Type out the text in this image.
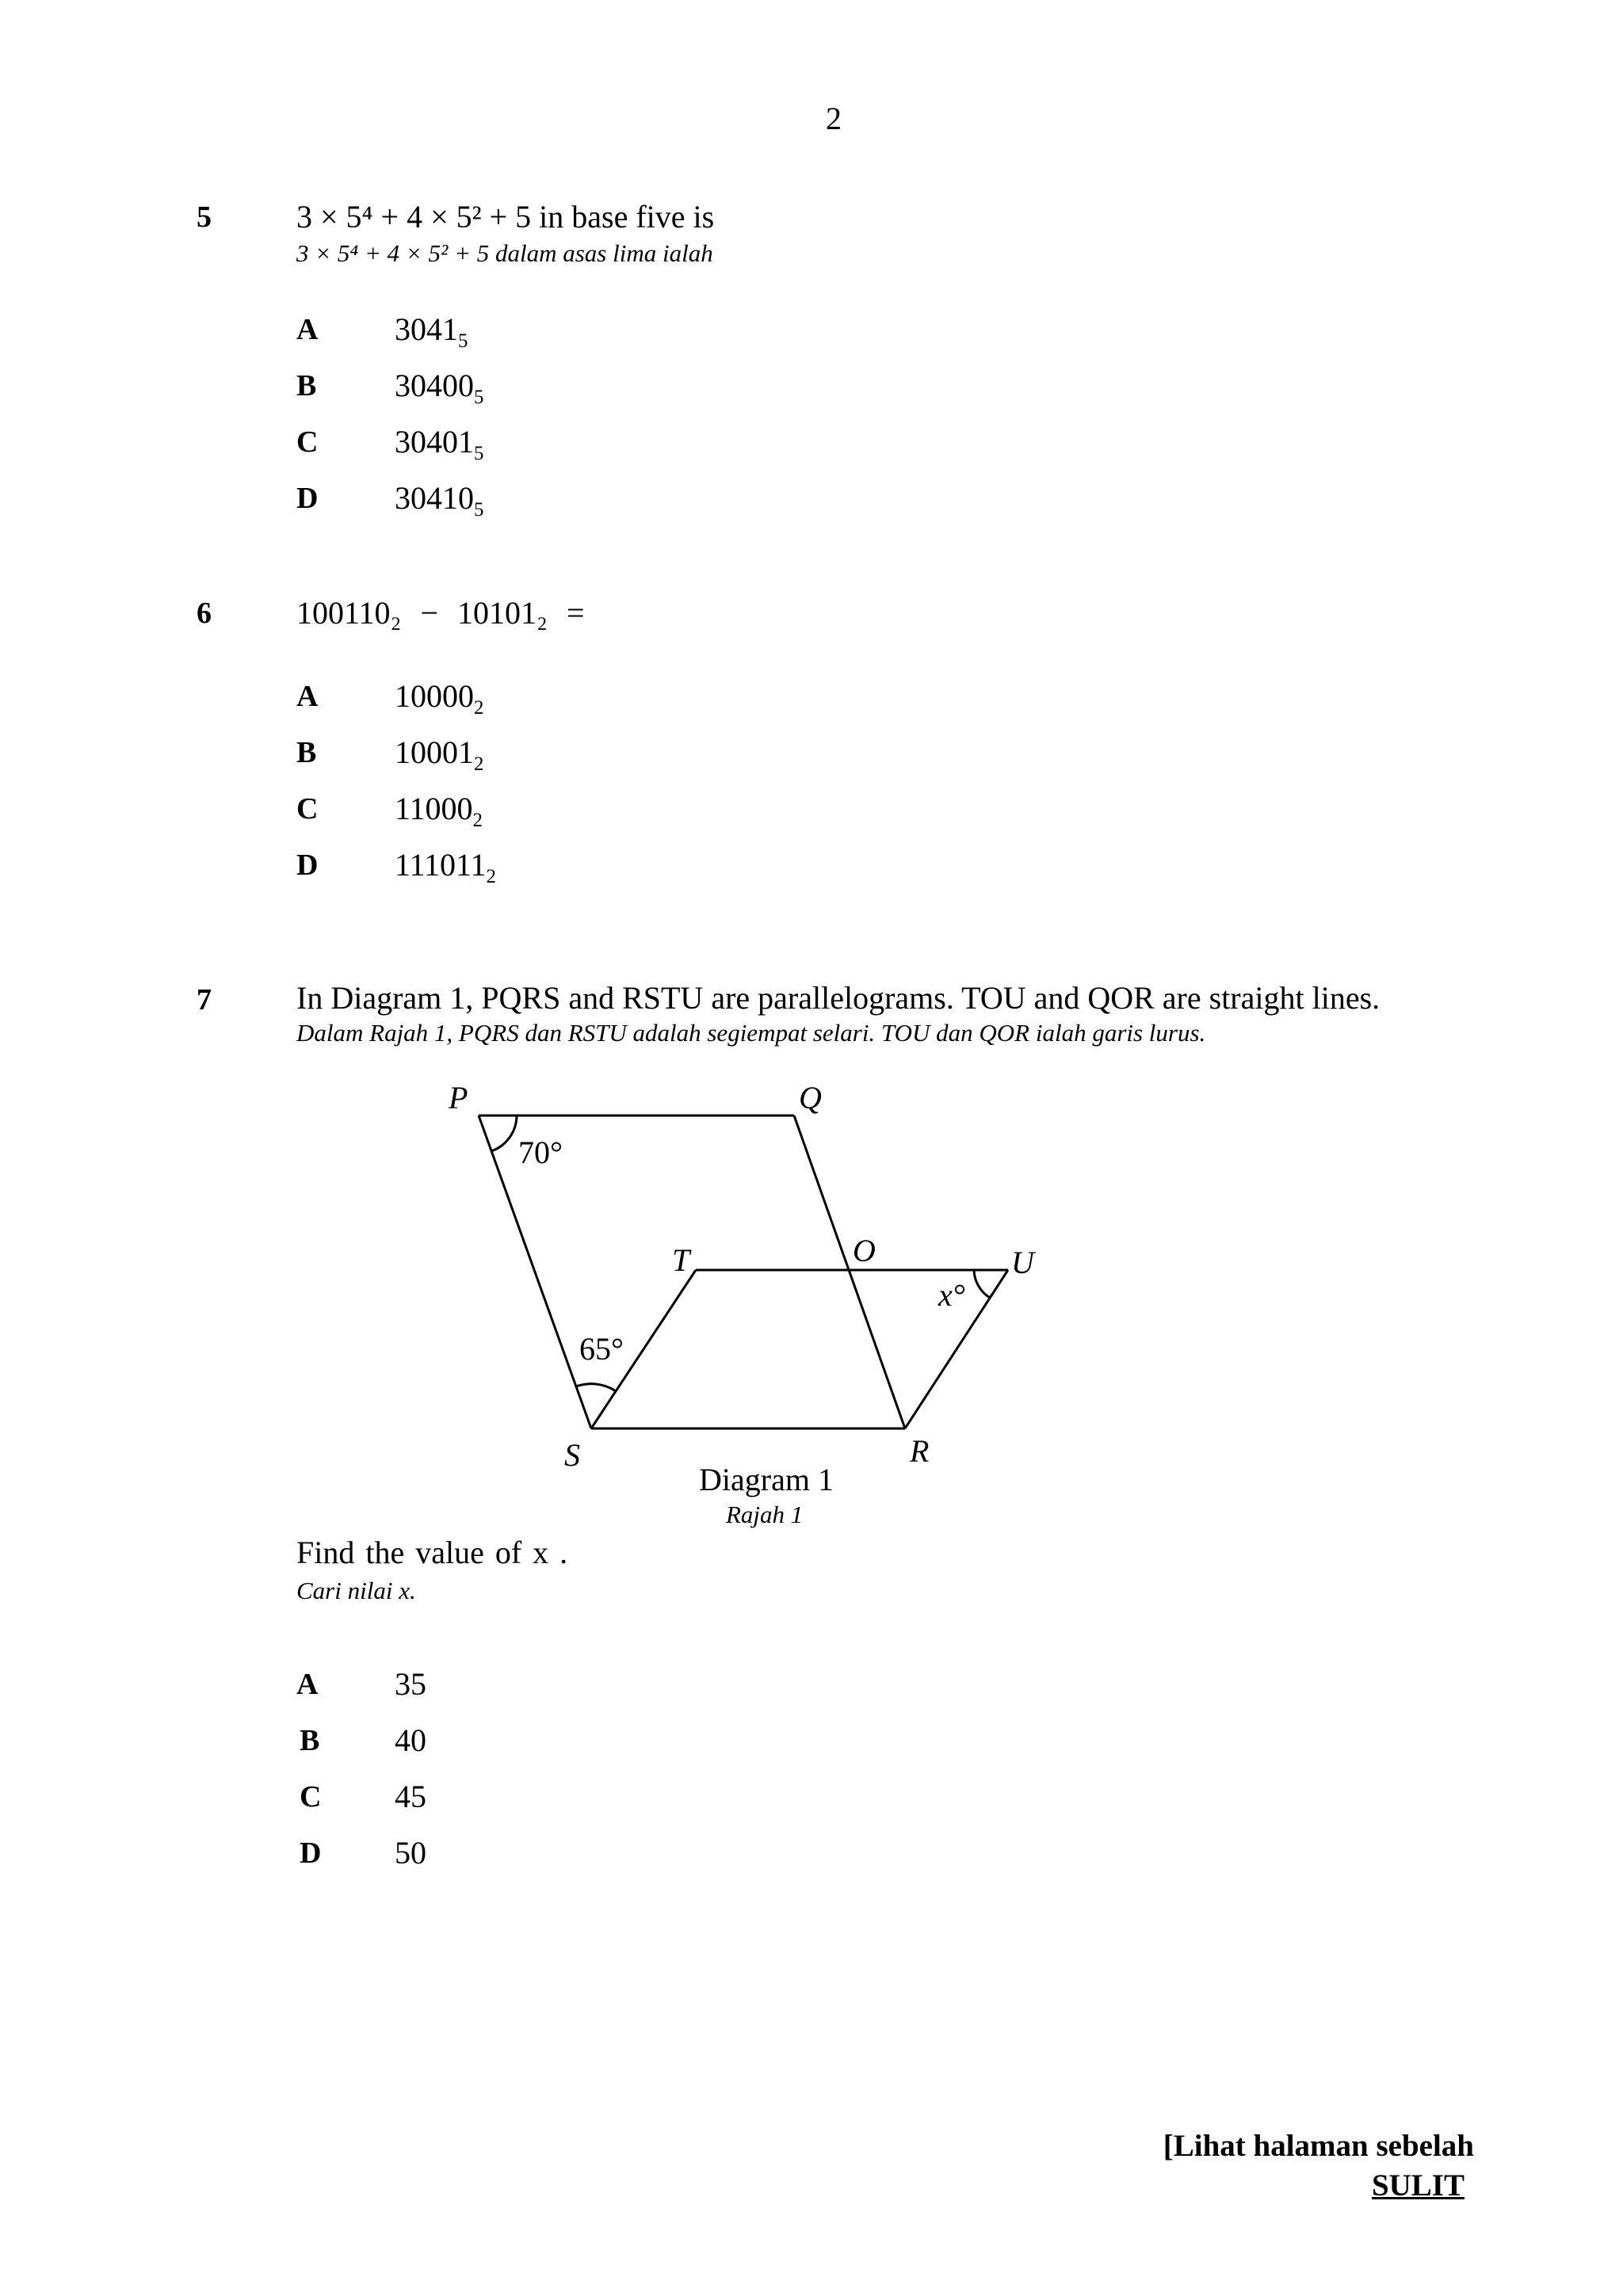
2
5	3 × 5⁴ + 4 × 5² + 5 in base five is
3 × 5⁴ + 4 × 5² + 5 dalam asas lima ialah
A $3041_5$
B $30400_5$
C $30401_5$
D $30410_5$
6	100110₂ − 10101₂ =
A $10000_2$
B $10001_2$
C $11000_2$
D $111011_2$
7	In Diagram 1, PQRS and RSTU are parallelograms. TOU and QOR are straight lines.
Dalam Rajah 1, PQRS dan RSTU adalah segiempat selari. TOU dan QOR ialah garis lurus.
P	Q
T	O	U
S	R
70°
65°
x°
Diagram 1
Rajah 1
Find the value of x .
Cari nilai x.
A 35
B 40
C 45
D 50
[Lihat halaman sebelah
SULIT
